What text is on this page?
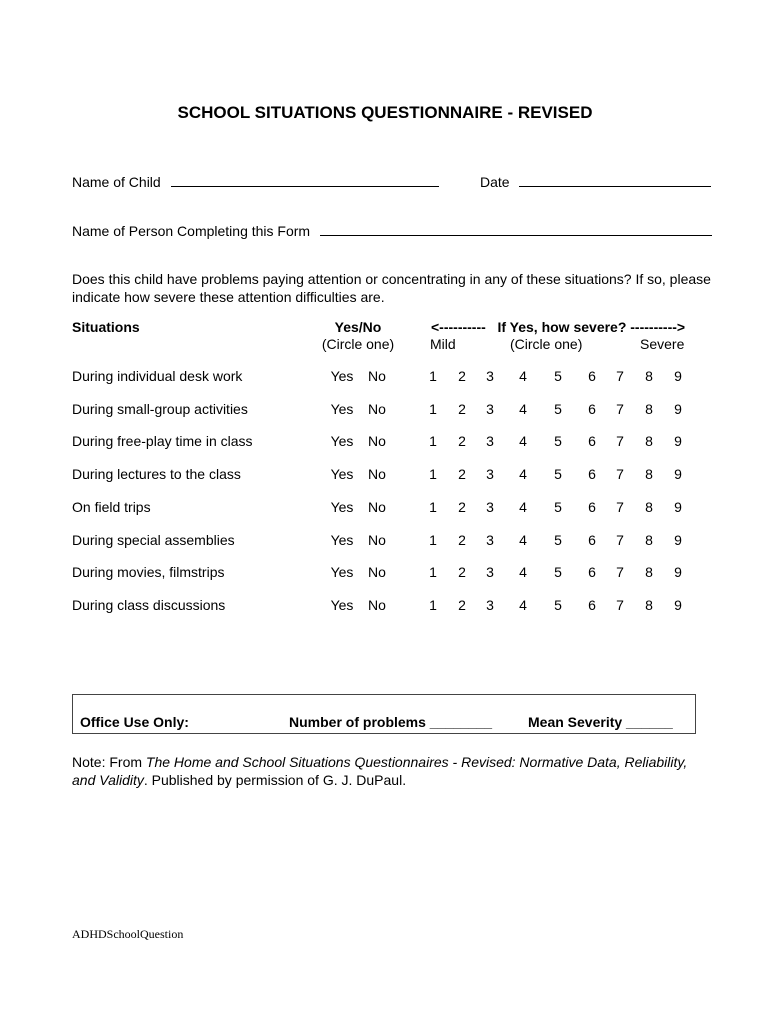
SCHOOL SITUATIONS QUESTIONNAIRE - REVISED
Name of Child	Date
Name of Person Completing this Form
Does this child have problems paying attention or concentrating in any of these situations? If so, please indicate how severe these attention difficulties are.
Situations	Yes/No
(Circle one)
<----------   If Yes, how severe? ---------->
Mild	(Circle one)	Severe
During individual desk work	Yes	No	1	2	3	4	5	6	7	8	9
During small-group activities	Yes	No	1	2	3	4	5	6	7	8	9
During free-play time in class	Yes	No	1	2	3	4	5	6	7	8	9
During lectures to the class	Yes	No	1	2	3	4	5	6	7	8	9
On field trips	Yes	No	1	2	3	4	5	6	7	8	9
During special assemblies	Yes	No	1	2	3	4	5	6	7	8	9
During movies, filmstrips	Yes	No	1	2	3	4	5	6	7	8	9
During class discussions	Yes	No	1	2	3	4	5	6	7	8	9
Office Use Only:	Number of problems ________	Mean Severity ______
Note: From The Home and School Situations Questionnaires - Revised: Normative Data, Reliability, and Validity. Published by permission of G. J. DuPaul.
ADHDSchoolQuestion
